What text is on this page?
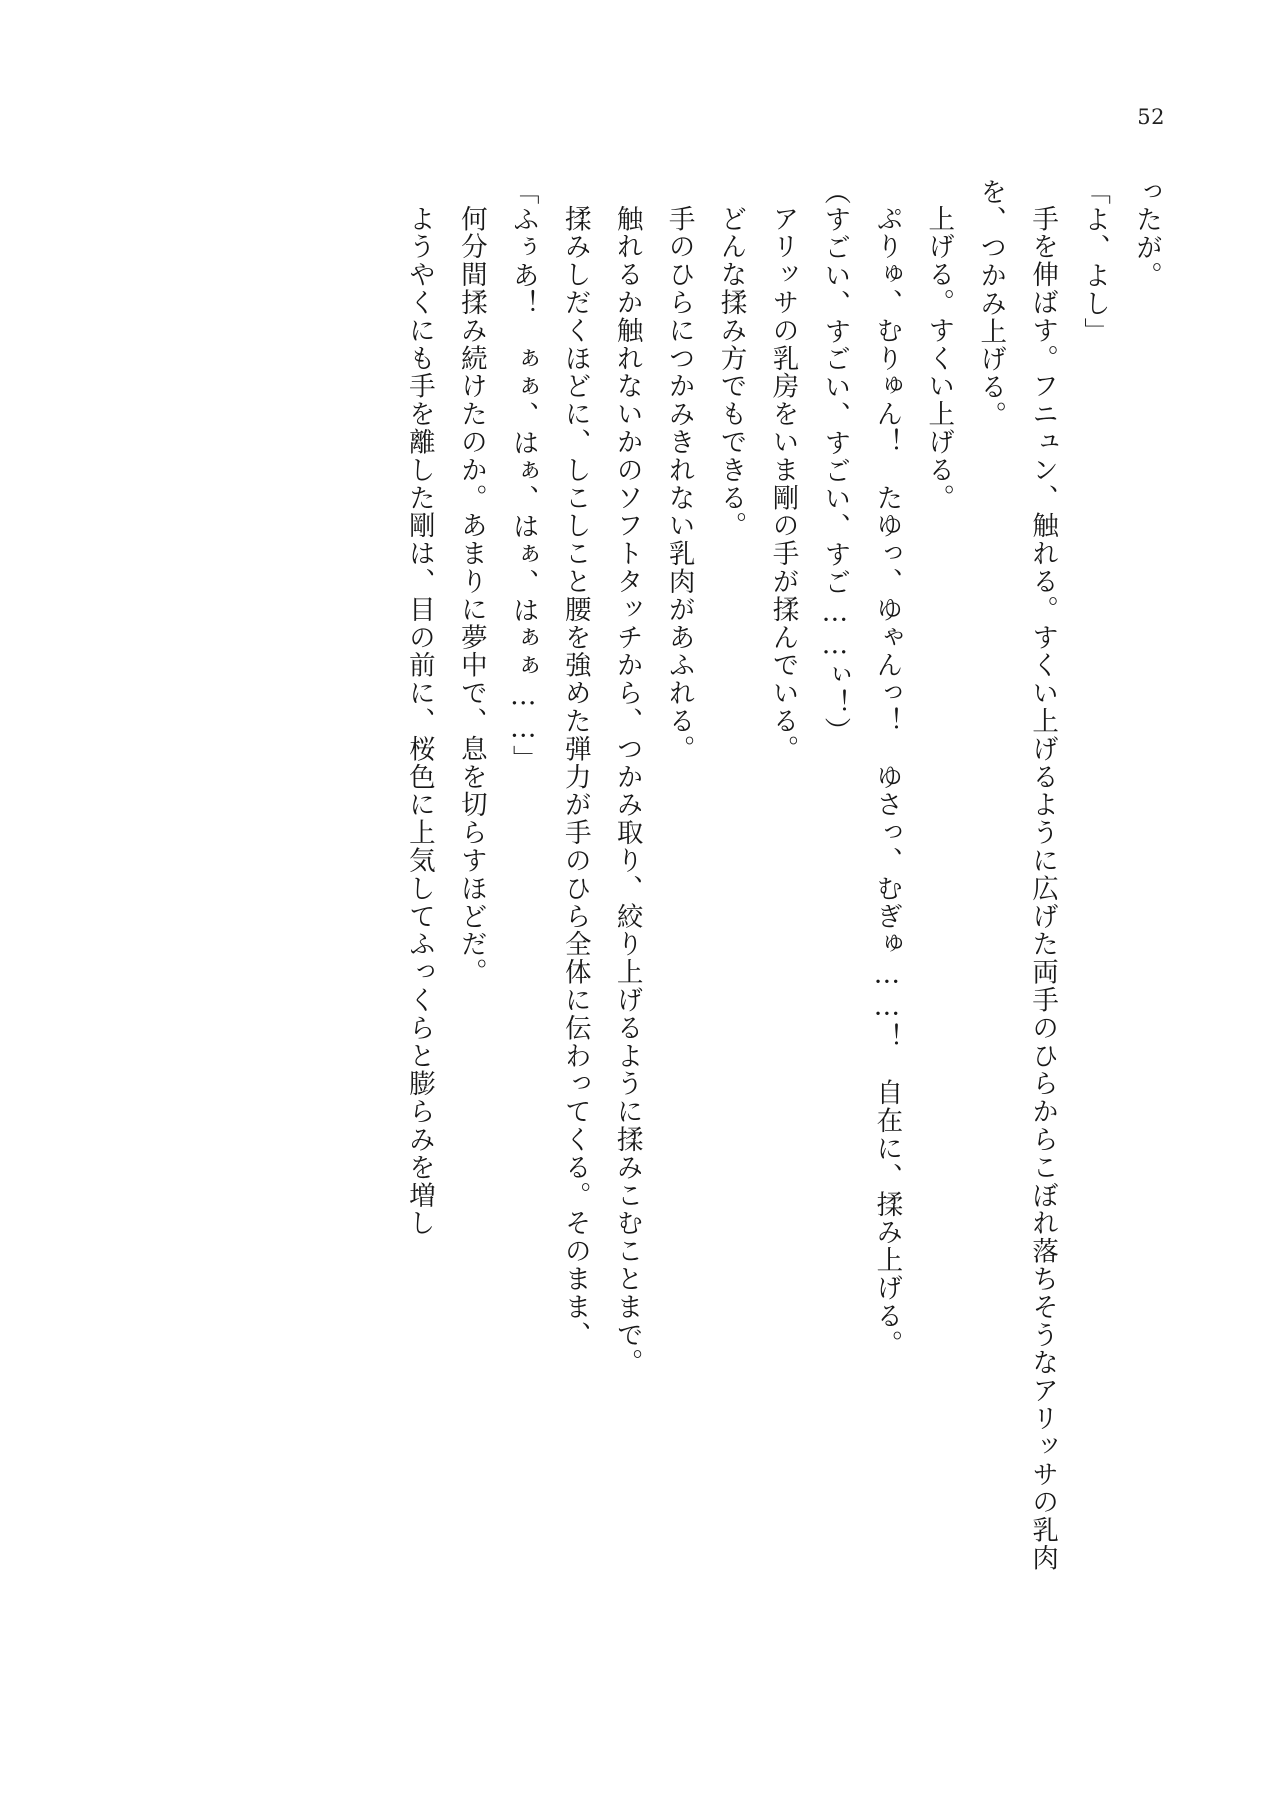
52

ったが。

「よ、よし」

手を伸ばす。フニュン、触れる。すくい上げるように広げた両手のひらからこぼれ落ちそうなアリッサの乳肉を、つかみ上げる。

上げる。すくい上げる。

ぷりゅ、むりゅん！　たゆっ、ゆゃんっ！　ゆさっ、むぎゅ……！　自在に、揉み上げる。

（すごい、すごい、すごい、すご……ぃ！）

アリッサの乳房をいま剛の手が揉んでいる。

どんな揉み方でもできる。

手のひらにつかみきれない乳肉があふれる。

触れるか触れないかのソフトタッチから、つかみ取り、絞り上げるように揉みこむことまで。

揉みしだくほどに、しこしこと腰を強めた弾力が手のひら全体に伝わってくる。そのまま、

「ふぅあ！　ぁぁ、はぁ、はぁ、はぁぁ……」

何分間揉み続けたのか。あまりに夢中で、息を切らすほどだ。

ようやくにも手を離した剛は、目の前に、桜色に上気してふっくらと膨らみを増し
